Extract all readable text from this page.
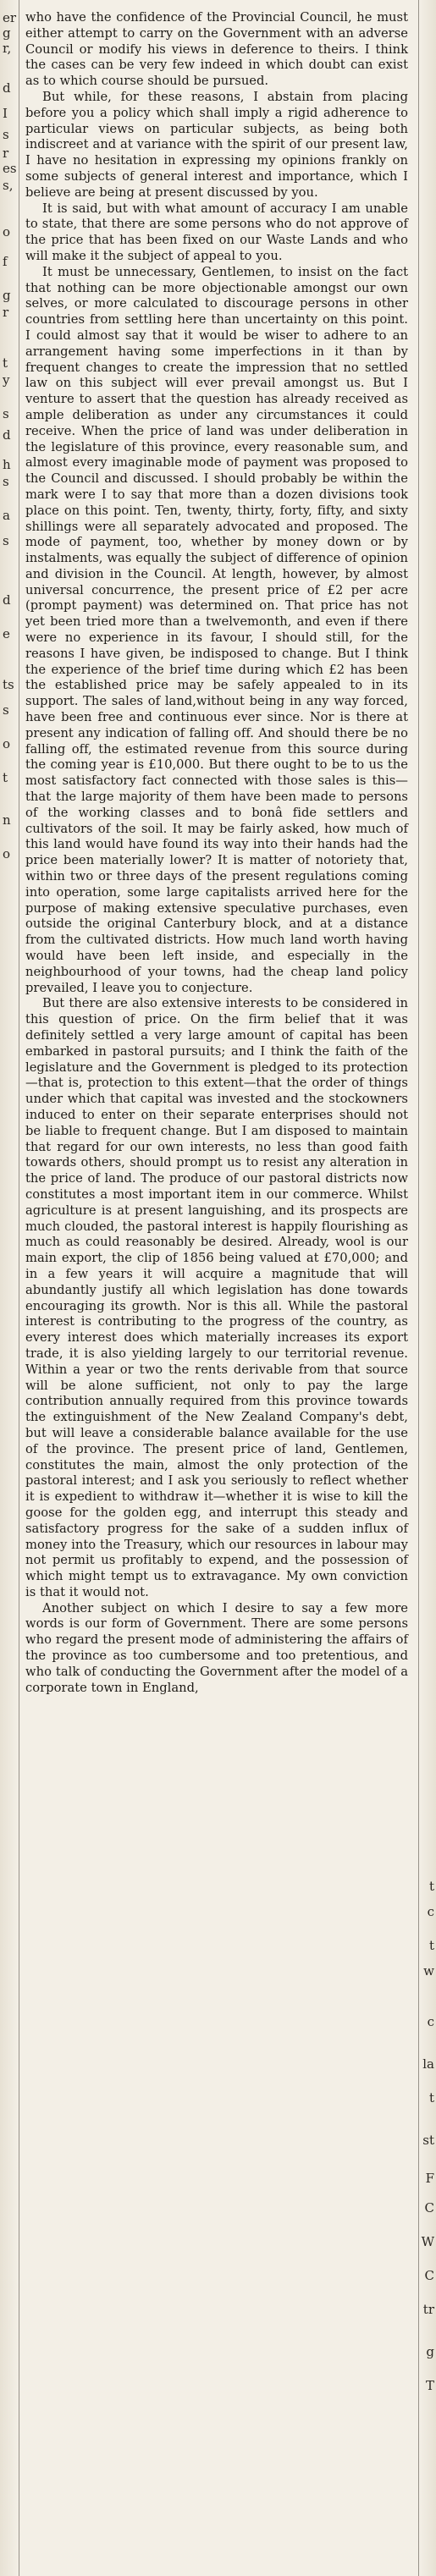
er
g
r,
d
I
s
r
es
s,
o
f
g
r
t
y
s
d
h
s
a
s
d
e
ts
s
o
t
n
o
t
c
t
w
c
la
t
st
F
C
W
C
tr
g
T

who have the confidence of the Provincial Council, he must either attempt to carry on the Government with an adverse Council or modify his views in deference to theirs. I think the cases can be very few indeed in which doubt can exist as to which course should be pursued.

But while, for these reasons, I abstain from placing before you a policy which shall imply a rigid adherence to particular views on particular subjects, as being both indiscreet and at variance with the spirit of our present law, I have no hesitation in expressing my opinions frankly on some subjects of general interest and importance, which I believe are being at present discussed by you.

It is said, but with what amount of accuracy I am unable to state, that there are some persons who do not approve of the price that has been fixed on our Waste Lands and who will make it the subject of appeal to you.

It must be unnecessary, Gentlemen, to insist on the fact that nothing can be more objectionable amongst our own selves, or more calculated to discourage persons in other countries from settling here than uncertainty on this point. I could almost say that it would be wiser to adhere to an arrangement having some imperfections in it than by frequent changes to create the impression that no settled law on this subject will ever prevail amongst us. But I venture to assert that the question has already received as ample deliberation as under any circumstances it could receive. When the price of land was under deliberation in the legislature of this province, every reasonable sum, and almost every imaginable mode of payment was proposed to the Council and discussed. I should probably be within the mark were I to say that more than a dozen divisions took place on this point. Ten, twenty, thirty, forty, fifty, and sixty shillings were all separately advocated and proposed. The mode of payment, too, whether by money down or by instalments, was equally the subject of difference of opinion and division in the Council. At length, however, by almost universal concurrence, the present price of £2 per acre (prompt payment) was determined on. That price has not yet been tried more than a twelvemonth, and even if there were no experience in its favour, I should still, for the reasons I have given, be indisposed to change. But I think the experience of the brief time during which £2 has been the established price may be safely appealed to in its support. The sales of land,without being in any way forced, have been free and continuous ever since. Nor is there at present any indication of falling off. And should there be no falling off, the estimated revenue from this source during the coming year is £10,000. But there ought to be to us the most satisfactory fact connected with those sales is this—that the large majority of them have been made to persons of the working classes and to bonâ fide settlers and cultivators of the soil. It may be fairly asked, how much of this land would have found its way into their hands had the price been materially lower? It is matter of notoriety that, within two or three days of the present regulations coming into operation, some large capitalists arrived here for the purpose of making extensive speculative purchases, even outside the original Canterbury block, and at a distance from the cultivated districts. How much land worth having would have been left inside, and especially in the neighbourhood of your towns, had the cheap land policy prevailed, I leave you to conjecture.

But there are also extensive interests to be considered in this question of price. On the firm belief that it was definitely settled a very large amount of capital has been embarked in pastoral pursuits; and I think the faith of the legislature and the Government is pledged to its protection—that is, protection to this extent—that the order of things under which that capital was invested and the stockowners induced to enter on their separate enterprises should not be liable to frequent change. But I am disposed to maintain that regard for our own interests, no less than good faith towards others, should prompt us to resist any alteration in the price of land. The produce of our pastoral districts now constitutes a most important item in our commerce. Whilst agriculture is at present languishing, and its prospects are much clouded, the pastoral interest is happily flourishing as much as could reasonably be desired. Already, wool is our main export, the clip of 1856 being valued at £70,000; and in a few years it will acquire a magnitude that will abundantly justify all which legislation has done towards encouraging its growth. Nor is this all. While the pastoral interest is contributing to the progress of the country, as every interest does which materially increases its export trade, it is also yielding largely to our territorial revenue. Within a year or two the rents derivable from that source will be alone sufficient, not only to pay the large contribution annually required from this province towards the extinguishment of the New Zealand Company's debt, but will leave a considerable balance available for the use of the province. The present price of land, Gentlemen, constitutes the main, almost the only protection of the pastoral interest; and I ask you seriously to reflect whether it is expedient to withdraw it—whether it is wise to kill the goose for the golden egg, and interrupt this steady and satisfactory progress for the sake of a sudden influx of money into the Treasury, which our resources in labour may not permit us profitably to expend, and the possession of which might tempt us to extravagance. My own conviction is that it would not.

Another subject on which I desire to say a few more words is our form of Government. There are some persons who regard the present mode of administering the affairs of the province as too cumbersome and too pretentious, and who talk of conducting the Government after the model of a corporate town in England,
